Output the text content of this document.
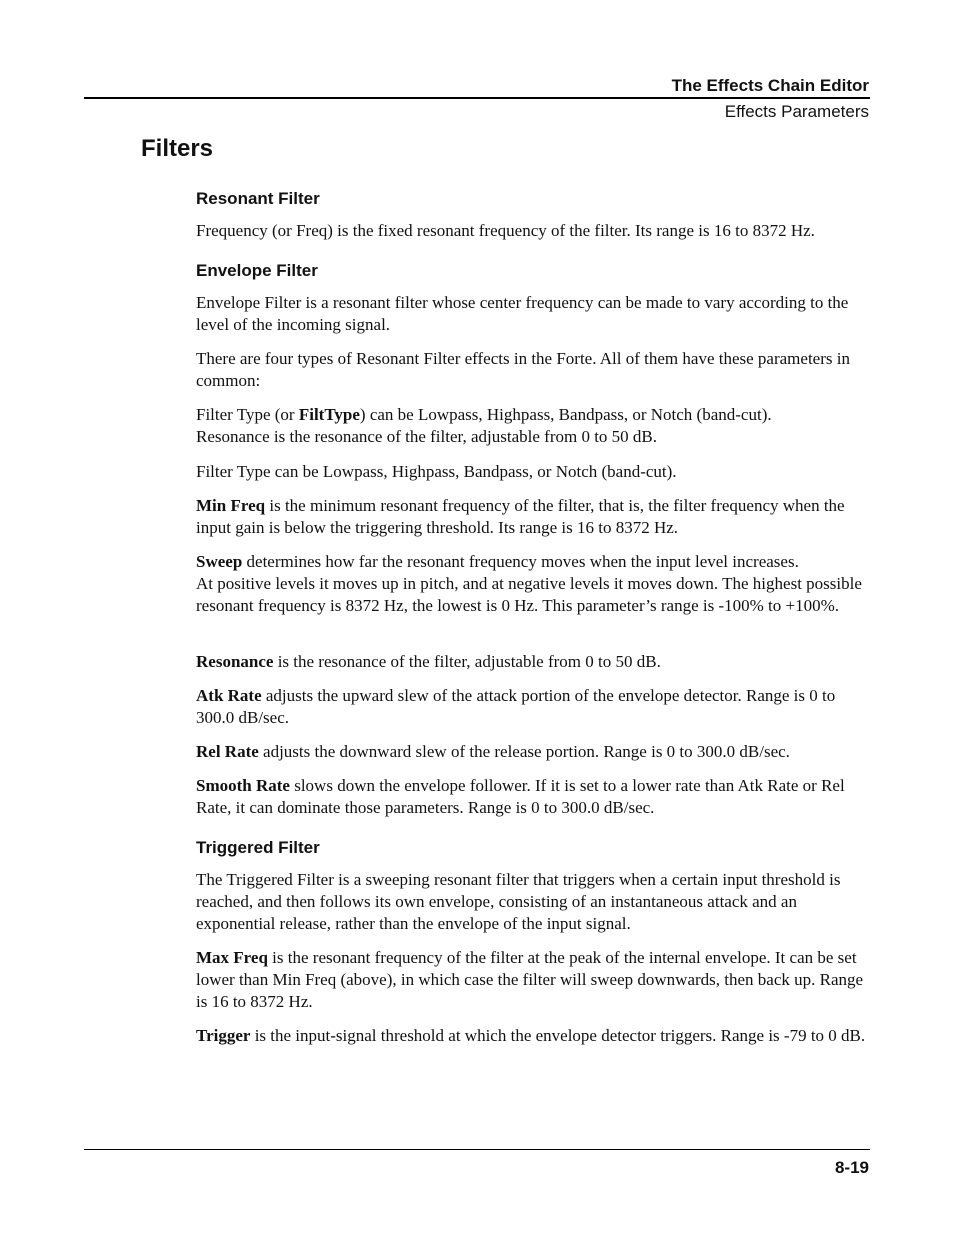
The Effects Chain Editor
Effects Parameters
Filters
Resonant Filter

Frequency (or Freq) is the fixed resonant frequency of the filter. Its range is 16 to 8372 Hz.

Envelope Filter

Envelope Filter is a resonant filter whose center frequency can be made to vary according to the level of the incoming signal.

There are four types of Resonant Filter effects in the Forte. All of them have these parameters in common:

Filter Type (or FiltType) can be Lowpass, Highpass, Bandpass, or Notch (band-cut).
Resonance is the resonance of the filter, adjustable from 0 to 50 dB.

Filter Type can be Lowpass, Highpass, Bandpass, or Notch (band-cut).

Min Freq is the minimum resonant frequency of the filter, that is, the filter frequency when the input gain is below the triggering threshold. Its range is 16 to 8372 Hz.

Sweep determines how far the resonant frequency moves when the input level increases.
At positive levels it moves up in pitch, and at negative levels it moves down. The highest possible resonant frequency is 8372 Hz, the lowest is 0 Hz. This parameter’s range is -100% to +100%.

Resonance is the resonance of the filter, adjustable from 0 to 50 dB.

Atk Rate adjusts the upward slew of the attack portion of the envelope detector. Range is 0 to 300.0 dB/sec.

Rel Rate adjusts the downward slew of the release portion. Range is 0 to 300.0 dB/sec.

Smooth Rate slows down the envelope follower. If it is set to a lower rate than Atk Rate or Rel Rate, it can dominate those parameters. Range is 0 to 300.0 dB/sec.

Triggered Filter

The Triggered Filter is a sweeping resonant filter that triggers when a certain input threshold is reached, and then follows its own envelope, consisting of an instantaneous attack and an exponential release, rather than the envelope of the input signal.

Max Freq is the resonant frequency of the filter at the peak of the internal envelope. It can be set lower than Min Freq (above), in which case the filter will sweep downwards, then back up. Range is 16 to 8372 Hz.

Trigger is the input-signal threshold at which the envelope detector triggers. Range is -79 to 0 dB.

8-19
